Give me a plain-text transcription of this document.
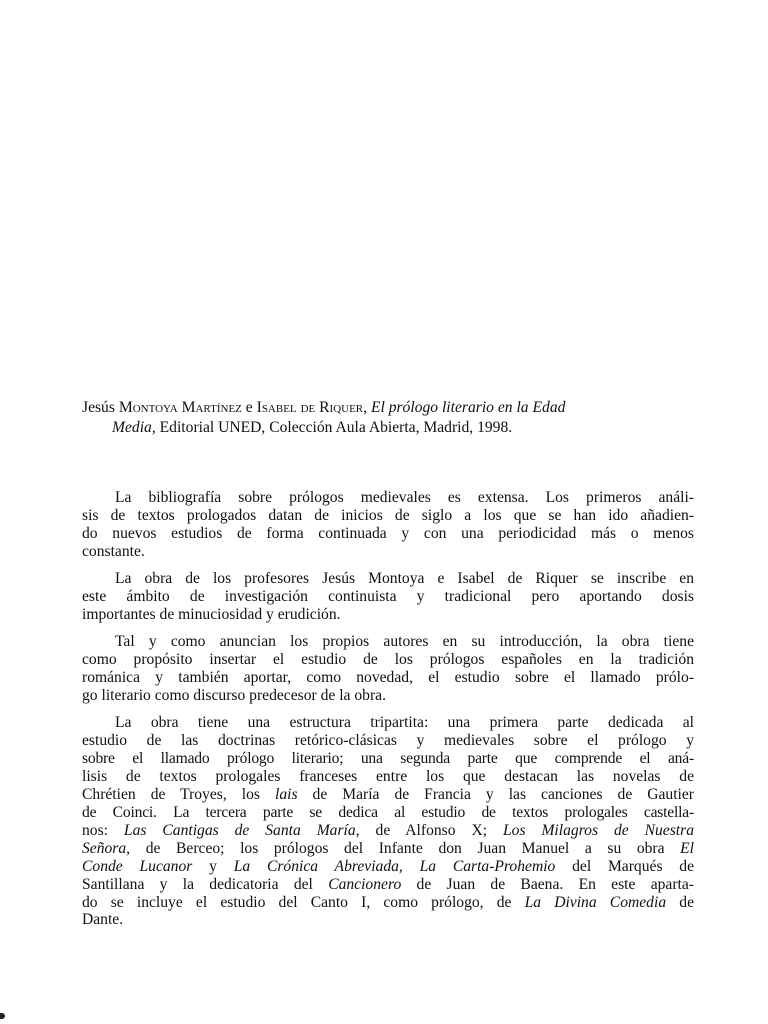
Jesús Montoya Martínez e Isabel de Riquer, El prólogo literario en la Edad
Media, Editorial UNED, Colección Aula Abierta, Madrid, 1998.
La bibliografía sobre prólogos medievales es extensa. Los primeros análi-
sis de textos prologados datan de inicios de siglo a los que se han ido añadien-
do nuevos estudios de forma continuada y con una periodicidad más o menos
constante.
La obra de los profesores Jesús Montoya e Isabel de Riquer se inscribe en
este ámbito de investigación continuista y tradicional pero aportando dosis
importantes de minuciosidad y erudición.
Tal y como anuncian los propios autores en su introducción, la obra tiene
como propósito insertar el estudio de los prólogos españoles en la tradición
románica y también aportar, como novedad, el estudio sobre el llamado prólo-
go literario como discurso predecesor de la obra.
La obra tiene una estructura tripartita: una primera parte dedicada al
estudio de las doctrinas retórico-clásicas y medievales sobre el prólogo y
sobre el llamado prólogo literario; una segunda parte que comprende el aná-
lisis de textos prologales franceses entre los que destacan las novelas de
Chrétien de Troyes, los lais de María de Francia y las canciones de Gautier
de Coinci. La tercera parte se dedica al estudio de textos prologales castella-
nos: Las Cantigas de Santa María, de Alfonso X; Los Milagros de Nuestra
Señora, de Berceo; los prólogos del Infante don Juan Manuel a su obra El
Conde Lucanor y La Crónica Abreviada, La Carta-Prohemio del Marqués de
Santillana y la dedicatoria del Cancionero de Juan de Baena. En este aparta-
do se incluye el estudio del Canto I, como prólogo, de La Divina Comedia de
Dante.
